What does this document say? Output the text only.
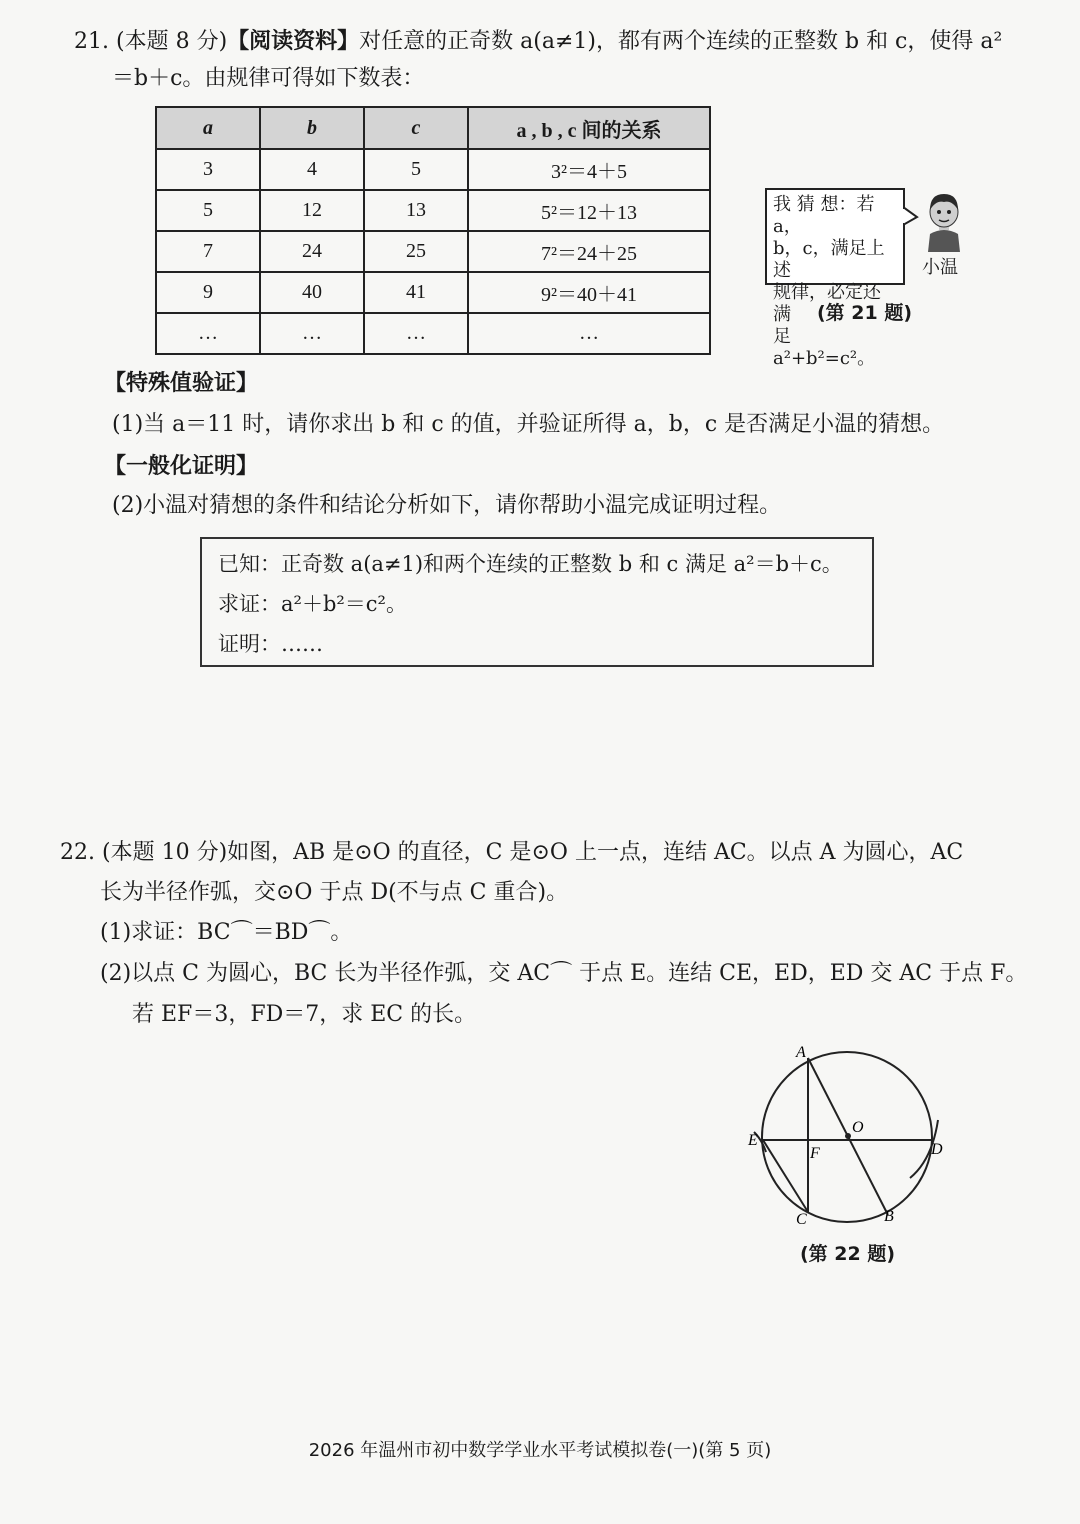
21. (本题 8 分)【阅读资料】对任意的正奇数 a(a≠1)，都有两个连续的正整数 b 和 c，使得 a²
＝b＋c。由规律可得如下数表：
a	b	c	a , b , c 间的关系
3	4	5	3²＝4＋5
5	12	13	5²＝12＋13
7	24	25	7²＝24＋25
9	40	41	9²＝40＋41
…	…	…	…
我 猜 想：若 a，
b，c，满足上述
规律，必定还满
足 a²+b²=c²。
小温
(第 21 题)
【特殊值验证】
(1)当 a＝11 时，请你求出 b 和 c 的值，并验证所得 a，b，c 是否满足小温的猜想。
【一般化证明】
(2)小温对猜想的条件和结论分析如下，请你帮助小温完成证明过程。
已知：正奇数 a(a≠1)和两个连续的正整数 b 和 c 满足 a²＝b＋c。
求证：a²＋b²＝c²。
证明：……
22. (本题 10 分)如图，AB 是⊙O 的直径，C 是⊙O 上一点，连结 AC。以点 A 为圆心，AC
长为半径作弧，交⊙O 于点 D(不与点 C 重合)。
(1)求证：BC⌒＝BD⌒。
(2)以点 C 为圆心，BC 长为半径作弧，交 AC⌒ 于点 E。连结 CE，ED，ED 交 AC 于点 F。
若 EF＝3，FD＝7，求 EC 的长。
A
O
E
F	D
C	B
(第 22 题)
2026 年温州市初中数学学业水平考试模拟卷(一)(第 5 页)
